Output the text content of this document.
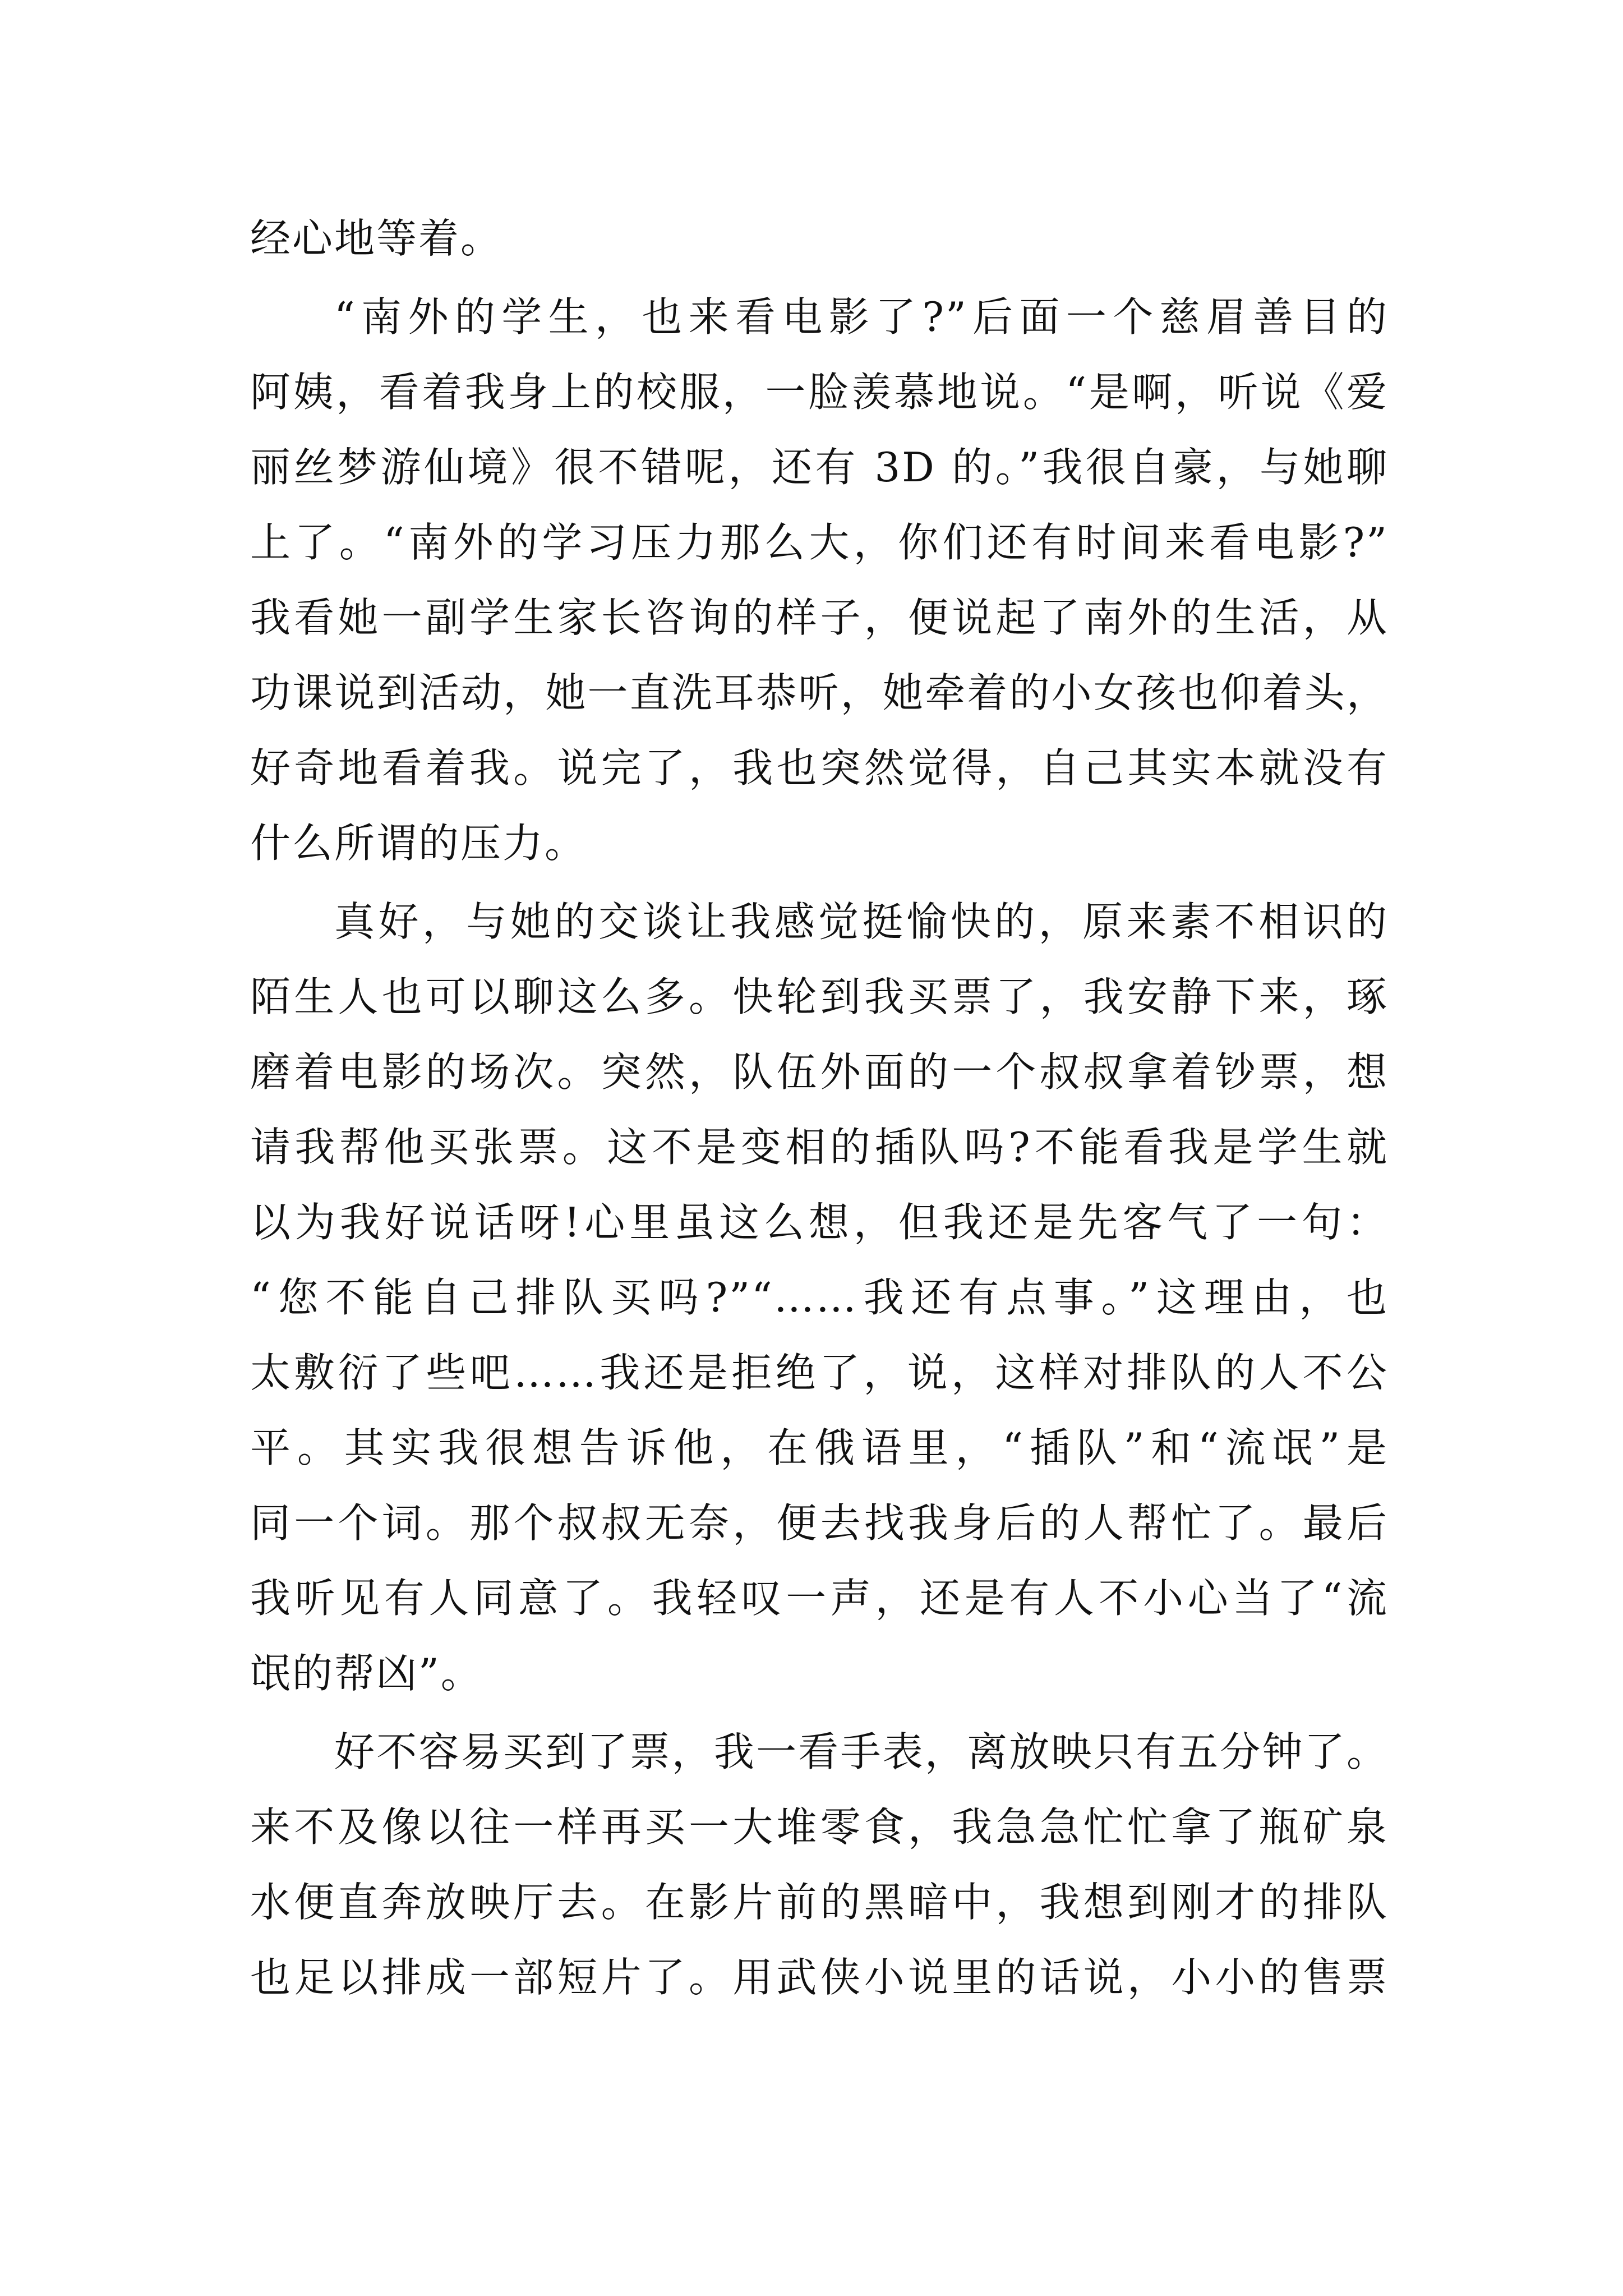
经心地等着。
“南外的学生，也来看电影了?”后面一个慈眉善目的
阿姨，看着我身上的校服，一脸羡慕地说。“是啊，听说《爱
丽丝梦游仙境》很不错呢，还有 3D 的。”我很自豪，与她聊
上了。“南外的学习压力那么大，你们还有时间来看电影?”
我看她一副学生家长咨询的样子，便说起了南外的生活，从
功课说到活动，她一直洗耳恭听，她牵着的小女孩也仰着头，
好奇地看着我。说完了，我也突然觉得，自己其实本就没有
什么所谓的压力。
真好，与她的交谈让我感觉挺愉快的，原来素不相识的
陌生人也可以聊这么多。快轮到我买票了，我安静下来，琢
磨着电影的场次。突然，队伍外面的一个叔叔拿着钞票，想
请我帮他买张票。这不是变相的插队吗?不能看我是学生就
以为我好说话呀!心里虽这么想，但我还是先客气了一句：
“您不能自己排队买吗?”“……我还有点事。”这理由，也
太敷衍了些吧……我还是拒绝了，说，这样对排队的人不公
平。其实我很想告诉他，在俄语里，“插队”和“流氓”是
同一个词。那个叔叔无奈，便去找我身后的人帮忙了。最后
我听见有人同意了。我轻叹一声，还是有人不小心当了“流
氓的帮凶”。
好不容易买到了票，我一看手表，离放映只有五分钟了。
来不及像以往一样再买一大堆零食，我急急忙忙拿了瓶矿泉
水便直奔放映厅去。在影片前的黑暗中，我想到刚才的排队
也足以排成一部短片了。用武侠小说里的话说，小小的售票
